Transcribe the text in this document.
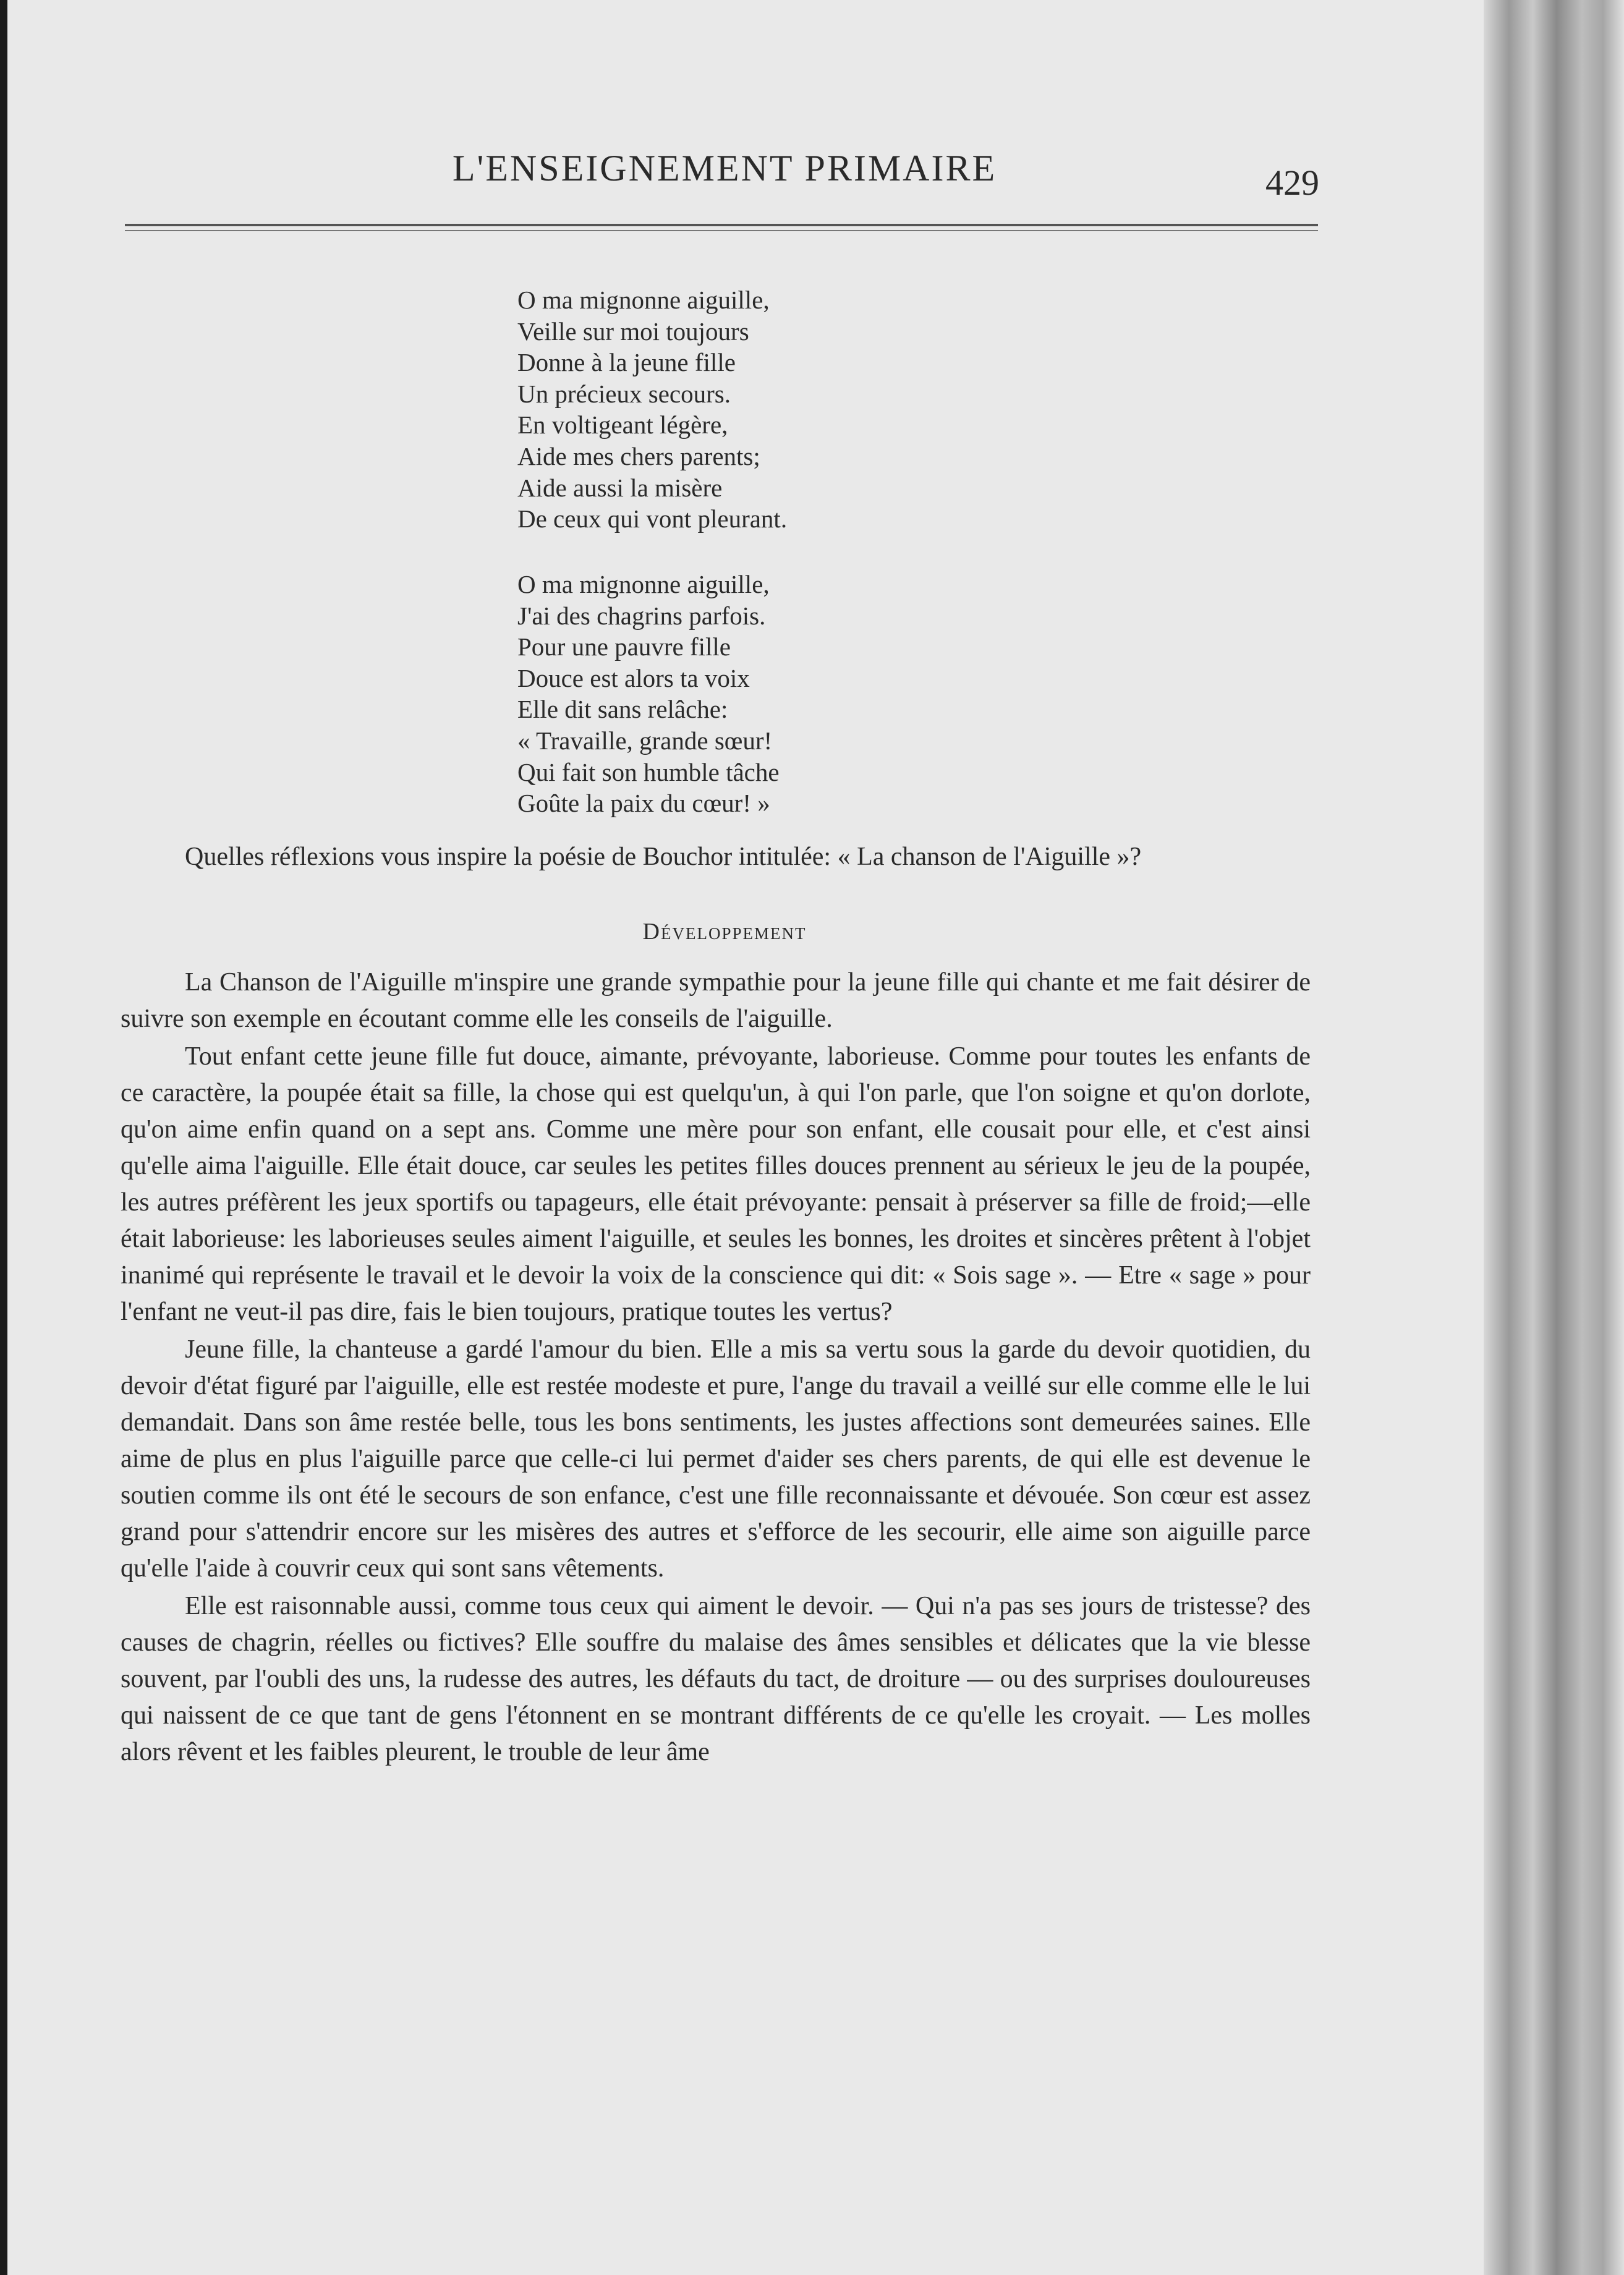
L'ENSEIGNEMENT PRIMAIRE	429
O ma mignonne aiguille,
Veille sur moi toujours
Donne à la jeune fille
Un précieux secours.
En voltigeant légère,
Aide mes chers parents;
Aide aussi la misère
De ceux qui vont pleurant.
O ma mignonne aiguille,
J'ai des chagrins parfois.
Pour une pauvre fille
Douce est alors ta voix
Elle dit sans relâche:
« Travaille, grande sœur!
Qui fait son humble tâche
Goûte la paix du cœur! »

Quelles réflexions vous inspire la poésie de Bouchor intitulée: « La chanson de l'Aiguille »?

Développement

La Chanson de l'Aiguille m'inspire une grande sympathie pour la jeune fille qui chante et me fait désirer de suivre son exemple en écoutant comme elle les conseils de l'aiguille.

Tout enfant cette jeune fille fut douce, aimante, prévoyante, laborieuse. Comme pour toutes les enfants de ce caractère, la poupée était sa fille, la chose qui est quelqu'un, à qui l'on parle, que l'on soigne et qu'on dorlote, qu'on aime enfin quand on a sept ans. Comme une mère pour son enfant, elle cousait pour elle, et c'est ainsi qu'elle aima l'aiguille. Elle était douce, car seules les petites filles douces prennent au sérieux le jeu de la poupée, les autres préfèrent les jeux sportifs ou tapageurs, elle était prévoyante: pensait à préserver sa fille de froid;—elle était laborieuse: les laborieuses seules aiment l'aiguille, et seules les bonnes, les droites et sincères prêtent à l'objet inanimé qui représente le travail et le devoir la voix de la conscience qui dit: « Sois sage ». — Etre « sage » pour l'enfant ne veut-il pas dire, fais le bien toujours, pratique toutes les vertus?

Jeune fille, la chanteuse a gardé l'amour du bien. Elle a mis sa vertu sous la garde du devoir quotidien, du devoir d'état figuré par l'aiguille, elle est restée modeste et pure, l'ange du travail a veillé sur elle comme elle le lui demandait. Dans son âme restée belle, tous les bons sentiments, les justes affections sont demeurées saines. Elle aime de plus en plus l'aiguille parce que celle-ci lui permet d'aider ses chers parents, de qui elle est devenue le soutien comme ils ont été le secours de son enfance, c'est une fille reconnaissante et dévouée. Son cœur est assez grand pour s'attendrir encore sur les misères des autres et s'efforce de les secourir, elle aime son aiguille parce qu'elle l'aide à couvrir ceux qui sont sans vêtements.

Elle est raisonnable aussi, comme tous ceux qui aiment le devoir. — Qui n'a pas ses jours de tristesse? des causes de chagrin, réelles ou fictives? Elle souffre du malaise des âmes sensibles et délicates que la vie blesse souvent, par l'oubli des uns, la rudesse des autres, les défauts du tact, de droiture — ou des surprises douloureuses qui naissent de ce que tant de gens l'étonnent en se montrant différents de ce qu'elle les croyait. — Les molles alors rêvent et les faibles pleurent, le trouble de leur âme
